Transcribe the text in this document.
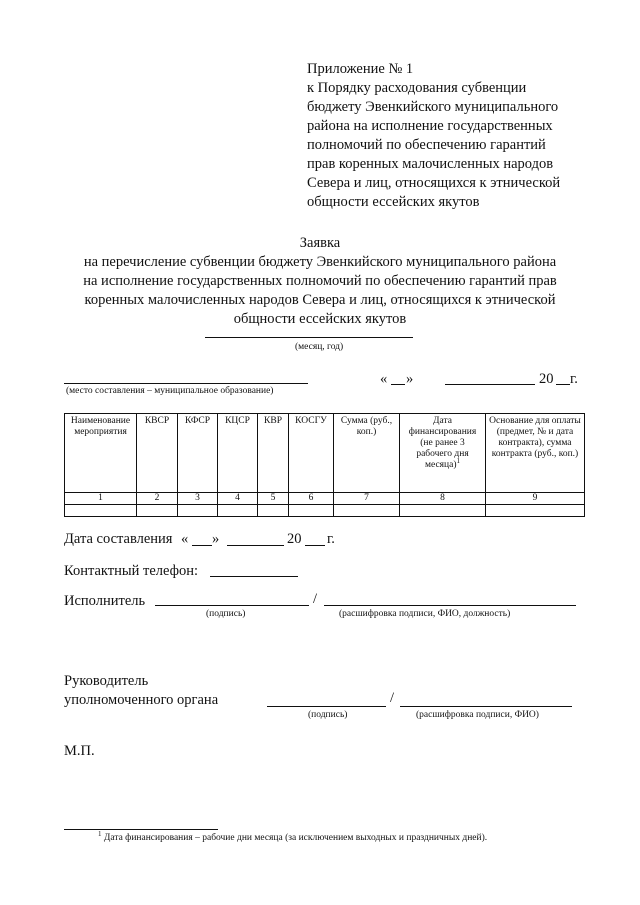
Приложение № 1
к Порядку расходования субвенции
бюджету Эвенкийского муниципального
района на исполнение государственных
полномочий по обеспечению гарантий
прав коренных малочисленных народов
Севера и лиц, относящихся к этнической
общности ессейских якутов
Заявка
на перечисление субвенции бюджету Эвенкийского муниципального района
на исполнение государственных полномочий по обеспечению гарантий прав
коренных малочисленных народов Севера и лиц, относящихся к этнической
общности ессейских якутов
(месяц, год)
(место составления – муниципальное образование)
« »	20 г.
Наименование мероприятия	КВСР	КФСР	КЦСР	КВР	КОСГУ	Сумма (руб., коп.)	Дата финансирования (не ранее 3 рабочего дня месяца)$^1$	Основание для оплаты (предмет, № и дата контракта), сумма контракта (руб., коп.)
1	2	3	4	5	6	7	8	9

Дата составления « »	20 г.
Контактный телефон:
Исполнитель	/
(подпись)	(расшифровка подписи, ФИО, должность)
Руководитель
уполномоченного органа	/
(подпись)	(расшифровка подписи, ФИО)
М.П.
$^1$ Дата финансирования – рабочие дни месяца (за исключением выходных и праздничных дней).
